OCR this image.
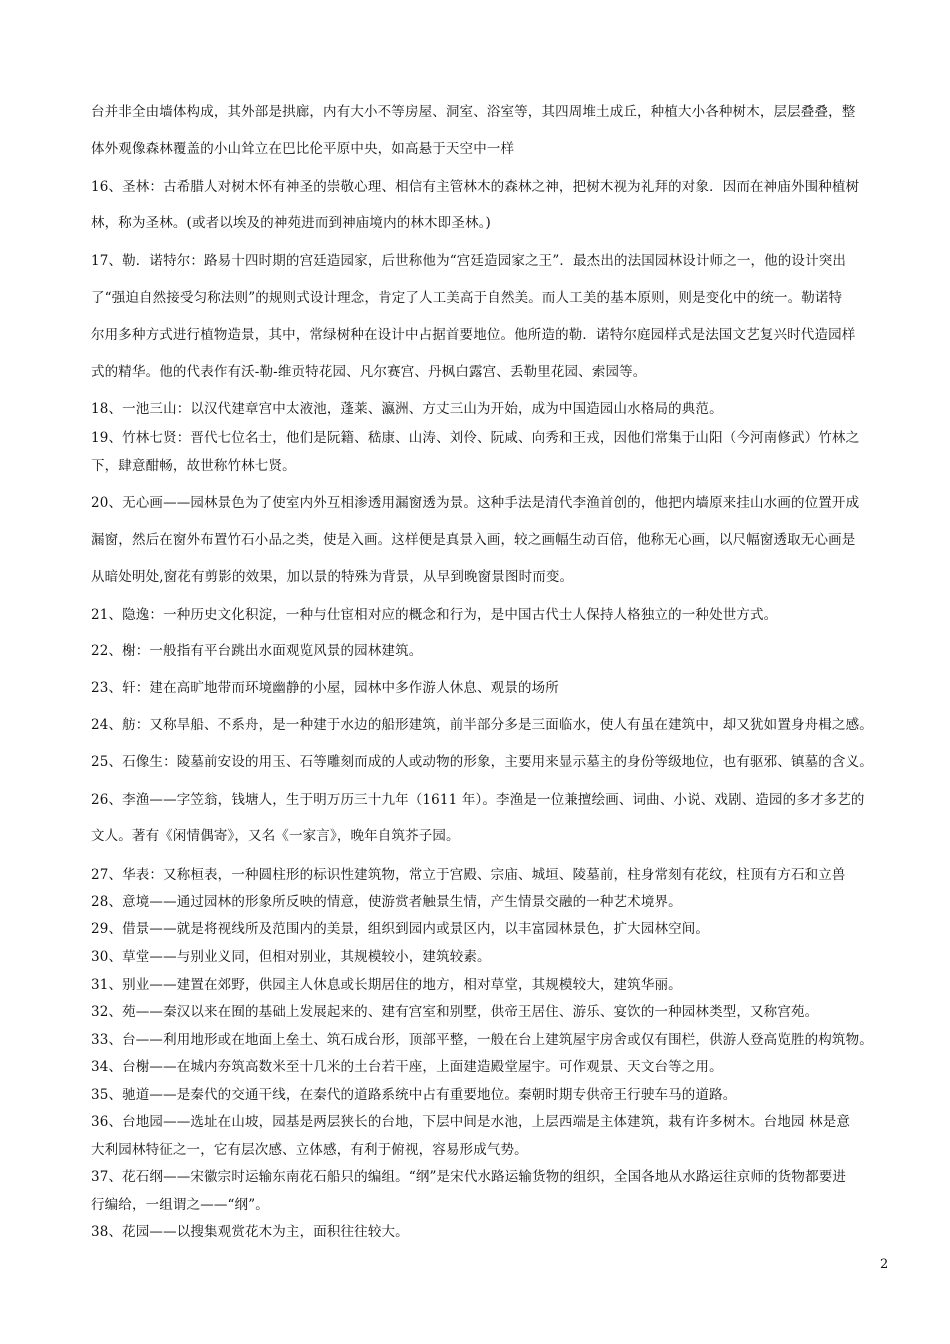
台并非全由墙体构成，其外部是拱廊，内有大小不等房屋、洞室、浴室等，其四周堆土成丘，种植大小各种树木，层层叠叠，整
体外观像森林覆盖的小山耸立在巴比伦平原中央，如高悬于天空中一样
16、圣林：古希腊人对树木怀有神圣的崇敬心理、相信有主管林木的森林之神，把树木视为礼拜的对象．因而在神庙外围种植树
林，称为圣林。(或者以埃及的神苑进而到神庙境内的林木即圣林。)
17、勒．诺特尔：路易十四时期的宫廷造园家，后世称他为“宫廷造园家之王”．最杰出的法国园林设计师之一，他的设计突出
了“强迫自然接受匀称法则”的规则式设计理念，肯定了人工美高于自然美。而人工美的基本原则，则是变化中的统一。勒诺特
尔用多种方式进行植物造景，其中，常绿树种在设计中占据首要地位。他所造的勒．诺特尔庭园样式是法国文艺复兴时代造园样
式的精华。他的代表作有沃-勒-维贡特花园、凡尔赛宫、丹枫白露宫、丢勒里花园、索园等。
18、一池三山：以汉代建章宫中太液池，蓬莱、瀛洲、方丈三山为开始，成为中国造园山水格局的典范。
19、竹林七贤：晋代七位名士，他们是阮籍、嵇康、山涛、刘伶、阮咸、向秀和王戎，因他们常集于山阳（今河南修武）竹林之
下，肆意酣畅，故世称竹林七贤。
20、无心画——园林景色为了使室内外互相渗透用漏窗透为景。这种手法是清代李渔首创的，他把内墙原来挂山水画的位置开成
漏窗，然后在窗外布置竹石小品之类，使是入画。这样便是真景入画，较之画幅生动百倍，他称无心画，以尺幅窗透取无心画是
从暗处明处,窗花有剪影的效果，加以景的特殊为背景，从早到晚窗景图时而变。
21、隐逸：一种历史文化积淀，一种与仕宦相对应的概念和行为，是中国古代士人保持人格独立的一种处世方式。
22、榭：一般指有平台跳出水面观览风景的园林建筑。
23、轩：建在高旷地带而环境幽静的小屋，园林中多作游人休息、观景的场所
24、舫：又称旱船、不系舟，是一种建于水边的船形建筑，前半部分多是三面临水，使人有虽在建筑中，却又犹如置身舟楫之感。
25、石像生：陵墓前安设的用玉、石等雕刻而成的人或动物的形象，主要用来显示墓主的身份等级地位，也有驱邪、镇墓的含义。
26、李渔——字笠翁，钱塘人，生于明万历三十九年（1611 年）。李渔是一位兼擅绘画、词曲、小说、戏剧、造园的多才多艺的
文人。著有《闲情偶寄》，又名《一家言》，晚年自筑芥子园。
27、华表：又称桓表，一种圆柱形的标识性建筑物，常立于宫殿、宗庙、城垣、陵墓前，柱身常刻有花纹，柱顶有方石和立兽
28、意境——通过园林的形象所反映的情意，使游赏者触景生情，产生情景交融的一种艺术境界。
29、借景——就是将视线所及范围内的美景，组织到园内或景区内，以丰富园林景色，扩大园林空间。
30、草堂——与别业义同，但相对别业，其规模较小，建筑较素。
31、别业——建置在郊野，供园主人休息或长期居住的地方，相对草堂，其规模较大，建筑华丽。
32、苑——秦汉以来在囿的基础上发展起来的、建有宫室和别墅，供帝王居住、游乐、宴饮的一种园林类型，又称宫苑。
33、台——利用地形或在地面上垒土、筑石成台形，顶部平整，一般在台上建筑屋宇房舍或仅有围栏，供游人登高览胜的构筑物。
34、台榭——在城内夯筑高数米至十几米的土台若干座，上面建造殿堂屋宇。可作观景、天文台等之用。
35、驰道——是秦代的交通干线，在秦代的道路系统中占有重要地位。秦朝时期专供帝王行驶车马的道路。
36、台地园——选址在山坡，园基是两层狭长的台地，下层中间是水池，上层西端是主体建筑，栽有许多树木。台地园 林是意
大利园林特征之一，它有层次感、立体感，有利于俯视，容易形成气势。
37、花石纲——宋徽宗时运输东南花石船只的编组。“纲”是宋代水路运输货物的组织，全国各地从水路运往京师的货物都要进
行编给，一组谓之——“纲”。
38、花园——以搜集观赏花木为主，面积往往较大。
2
